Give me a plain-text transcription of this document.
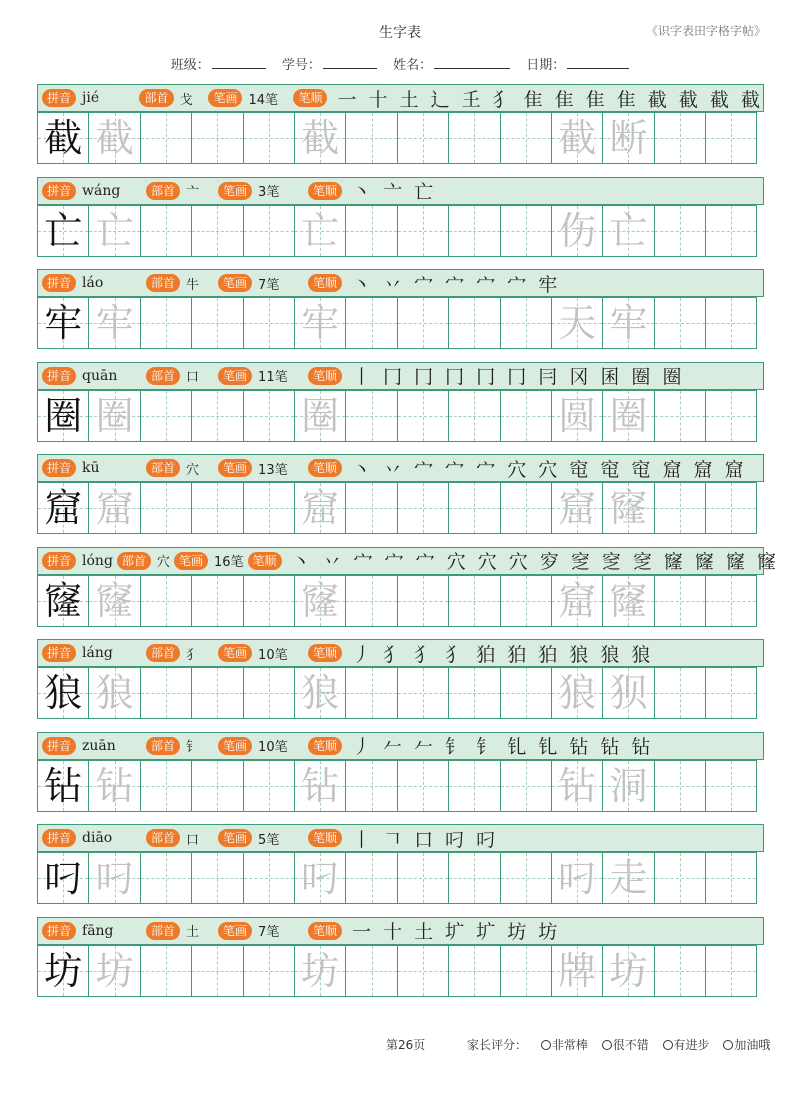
生字表	《识字表田字格字帖》
班级：	学号：	姓名：	日期：
拼音 jié	部首 戈	笔画 14笔	笔顺 一 十 土 ⻌ 𡈼 ⺨ 隹 隹 隹 隹 截 截 截 截
截 截	截	截 断
拼音 wáng	部首 亠	笔画 3笔	笔顺 丶 亠 亡
亡 亡	亡	伤 亡
拼音 láo	部首 牛	笔画 7笔	笔顺 丶 丷 宀 宀 宀 宀 牢
牢 牢	牢	天 牢
拼音 quān	部首 口	笔画 11笔	笔顺 丨 冂 冂 冂 冂 冂 冃 冈 囷 圈 圈
圈 圈	圈	圆 圈
拼音 kū	部首 穴	笔画 13笔	笔顺 丶 丷 宀 宀 宀 穴 穴 窀 窀 窀 窟 窟 窟
窟 窟	窟	窟 窿
拼音 lóng 部首 穴 笔画 16笔 笔顺 丶 丷 宀 宀 宀 穴 穴 穴 穸 窆 窆 窆 窿 窿 窿 窿
窿 窿	窿	窟 窿
拼音 láng	部首 犭	笔画 10笔	笔顺 丿 犭 犭 犭 狛 狛 狛 狼 狼 狼
狼 狼	狼	狼 狈
拼音 zuān	部首 钅	笔画 10笔	笔顺 丿 𠂉 𠂉 钅 钅 钆 钆 钻 钻 钻
钻 钻	钻	钻 洞
拼音 diāo	部首 口	笔画 5笔	笔顺 丨 𠃍 口 叼 叼
叼 叼	叼	叼 走
拼音 fāng	部首 土	笔画 7笔	笔顺 一 十 土 圹 圹 坊 坊
坊 坊	坊	牌 坊
第26页	家长评分： 非常棒 很不错 有进步 加油哦
